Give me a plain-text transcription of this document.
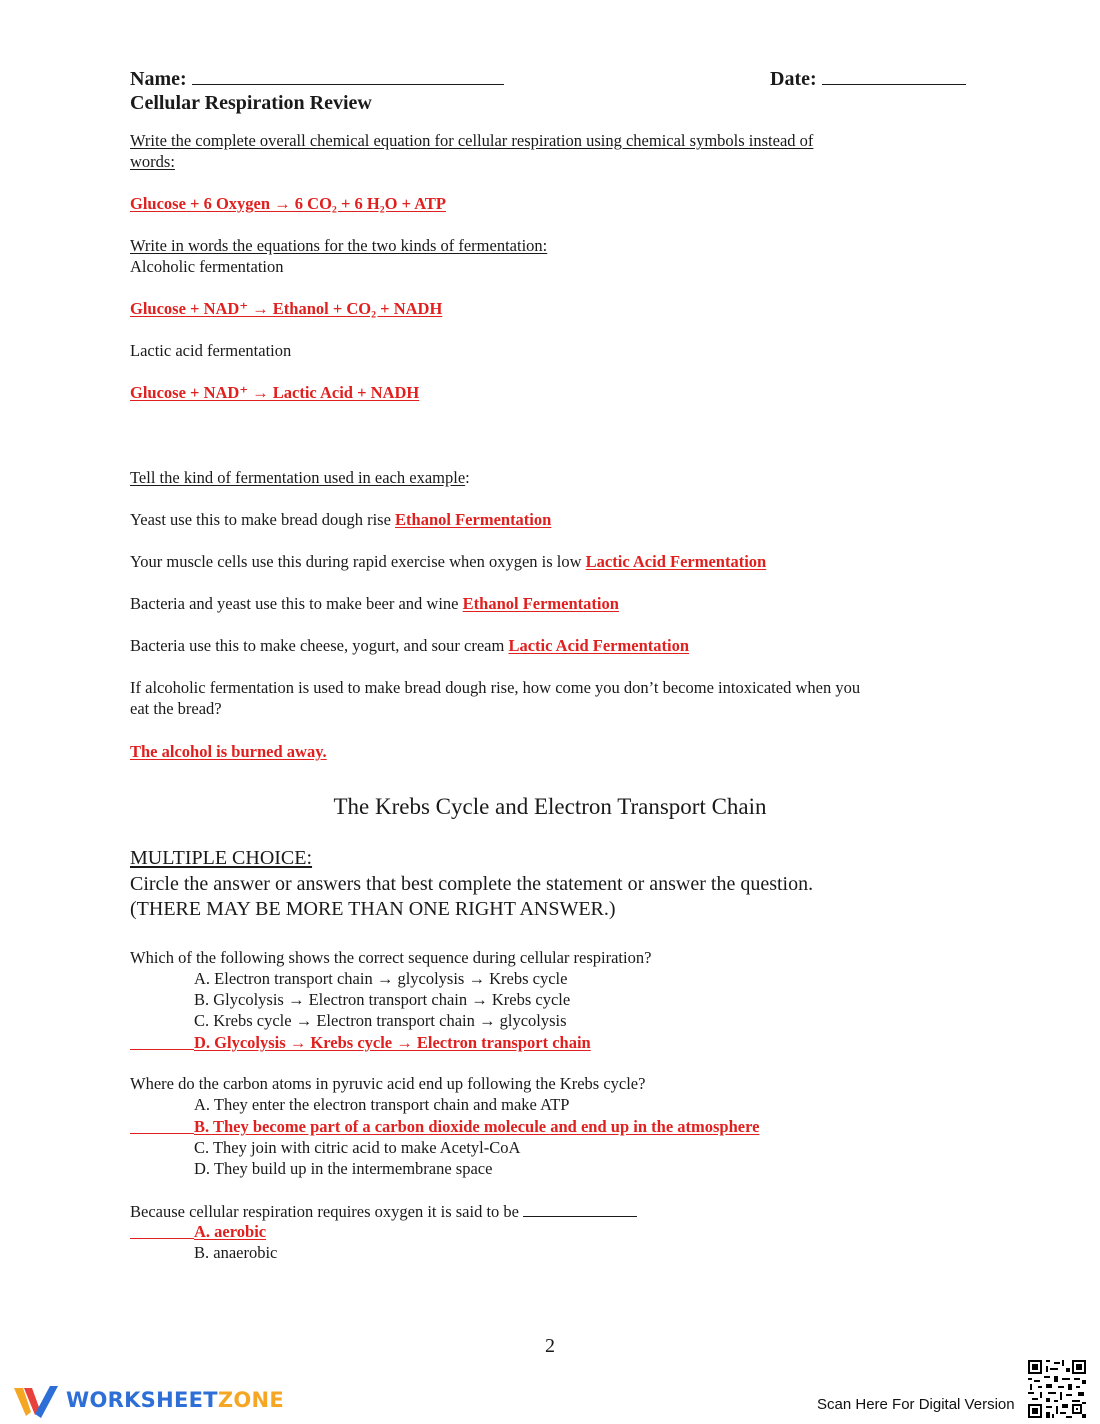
Name:	Date:
Cellular Respiration Review
Write the complete overall chemical equation for cellular respiration using chemical symbols instead of
words:
Glucose + 6 Oxygen → 6 CO₂ + 6 H₂O + ATP
Write in words the equations for the two kinds of fermentation:
Alcoholic fermentation
Glucose + NAD⁺ → Ethanol + CO₂ + NADH
Lactic acid fermentation
Glucose + NAD⁺ → Lactic Acid + NADH
Tell the kind of fermentation used in each example:
Yeast use this to make bread dough rise Ethanol Fermentation
Your muscle cells use this during rapid exercise when oxygen is low Lactic Acid Fermentation
Bacteria and yeast use this to make beer and wine Ethanol Fermentation
Bacteria use this to make cheese, yogurt, and sour cream Lactic Acid Fermentation
If alcoholic fermentation is used to make bread dough rise, how come you don’t become intoxicated when you
eat the bread?
The alcohol is burned away.
The Krebs Cycle and Electron Transport Chain
MULTIPLE CHOICE:
Circle the answer or answers that best complete the statement or answer the question.
(THERE MAY BE MORE THAN ONE RIGHT ANSWER.)
Which of the following shows the correct sequence during cellular respiration?
A. Electron transport chain → glycolysis → Krebs cycle
B. Glycolysis → Electron transport chain → Krebs cycle
C. Krebs cycle → Electron transport chain → glycolysis
D. Glycolysis → Krebs cycle → Electron transport chain
Where do the carbon atoms in pyruvic acid end up following the Krebs cycle?
A. They enter the electron transport chain and make ATP
B. They become part of a carbon dioxide molecule and end up in the atmosphere
C. They join with citric acid to make Acetyl-CoA
D. They build up in the intermembrane space
Because cellular respiration requires oxygen it is said to be
A. aerobic
B. anaerobic
2
WORKSHEETZONE	Scan Here For Digital Version
